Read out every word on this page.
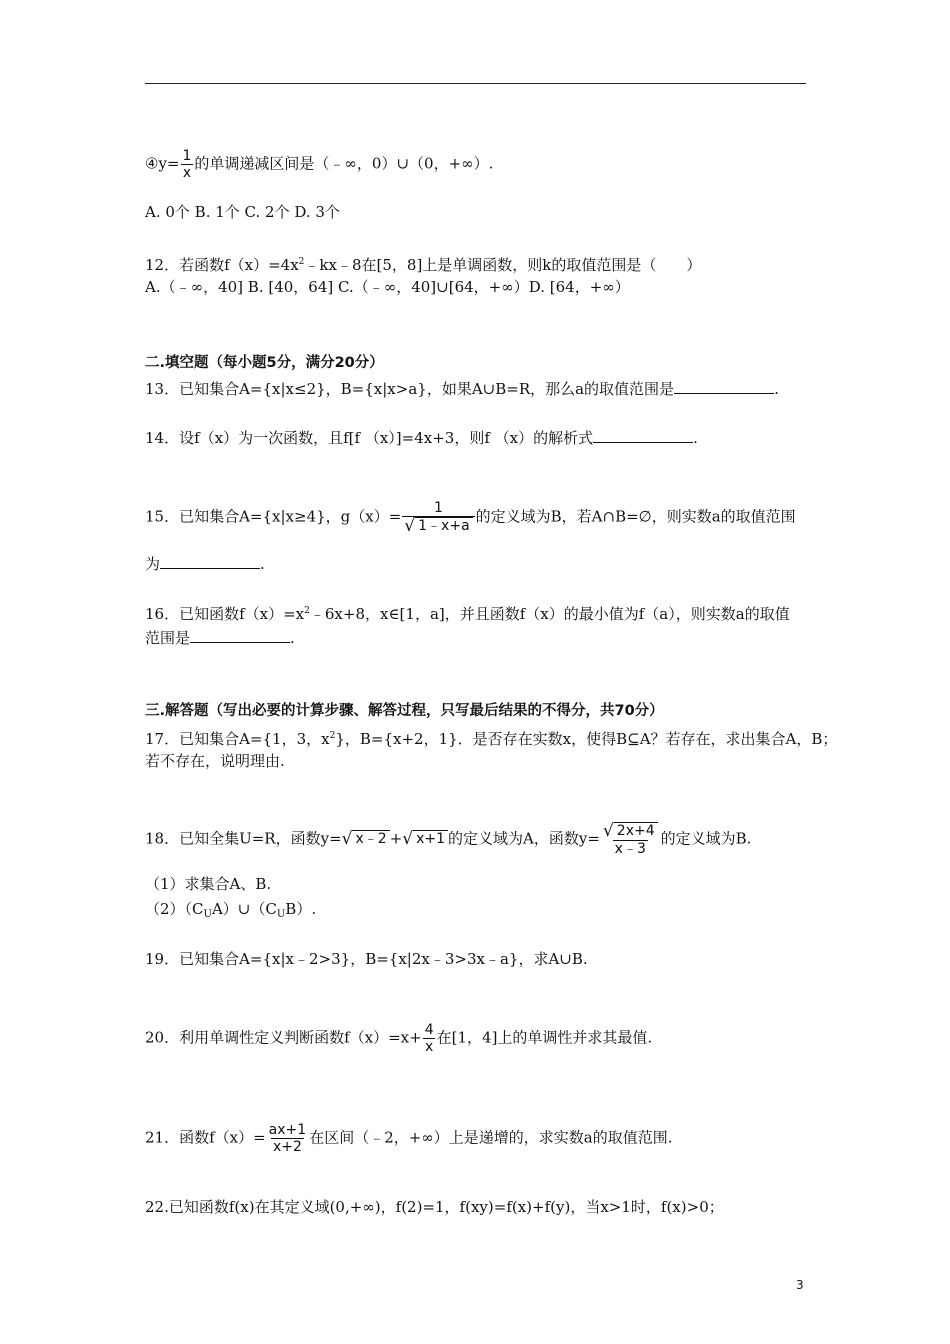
④y= $\frac{1}{x}$ 的单调递减区间是（﹣∞，0）∪（0，+∞）.
A. 0个 B. 1个 C. 2个 D. 3个
12．若函数$f(x)=4x^2﹣kx﹣8$在[5，8]上是单调函数，则k的取值范围是（　　）
A.（﹣∞，40] B. [40，64] C.（﹣∞，40]∪[64，+∞）D. [64，+∞）
二.填空题（每小题5分，满分20分）
13．已知集合A={x|x≤2}，B={x|x>a}，如果A∪B=R，那么a的取值范围是	.
14．设f（x）为一次函数，且f[f （x）]=4x+3，则f （x）的解析式	.
15．已知集合A={x|x≥4}，$g(x)= \frac{1}{√ 1﹣x+a}$ 的定义域为B，若A∩B=∅，则实数a的取值范围
为	.
16．已知函数$f(x)=x^2﹣6x+8$，x∈[1，a]，并且函数f（x）的最小值为f（a），则实数a的取值
范围是	.
三.解答题（写出必要的计算步骤、解答过程，只写最后结果的不得分，共70分）
17．已知集合A={1，3，$x^2$}，B={x+2，1}．是否存在实数x，使得B⊆A？若存在，求出集合A，B；
若不存在，说明理由.
18．已知全集U=R，函数y= √ x﹣2 + √ x+1 的定义域为A，函数$y= \frac{√ 2x+4}{x﹣3}$ 的定义域为B.
（1）求集合A、B.
$(2)(C_UA)\cup(C_UB)$.
19．已知集合A={x|x﹣2>3}，B={x|2x﹣3>3x﹣a}，求A∪B.
20．利用单调性定义判断函数$f(x)=x+ \frac{4}{x}$ 在[1，4]上的单调性并求其最值.
21．函数$f(x)= \frac{ax+1}{x+2}$ 在区间（﹣2，+∞）上是递增的，求实数a的取值范围.
22.已知函数f(x)在其定义域(0,+∞)，f(2)=1，f(xy)=f(x)+f(y)，当x>1时，f(x)>0；
3
